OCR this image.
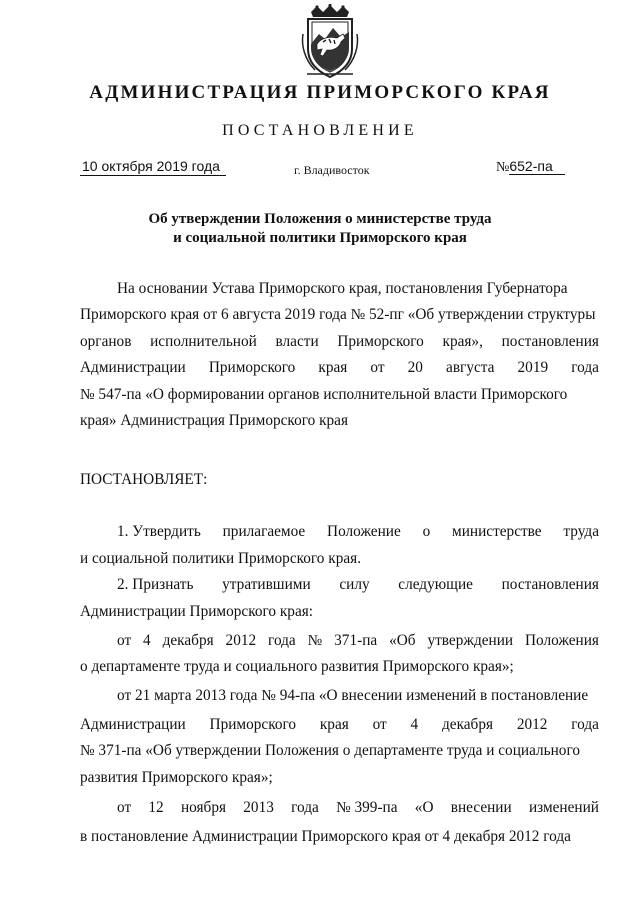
АДМИНИСТРАЦИЯ ПРИМОРСКОГО КРАЯ
ПОСТАНОВЛЕНИЕ
10 октября 2019 года	г. Владивосток	№652-па
Об утверждении Положения о министерстве труда
и социальной политики Приморского края
На основании Устава Приморского края, постановления Губернатора
Приморского края от 6 августа 2019 года № 52-пг «Об утверждении структуры
органов исполнительной власти Приморского края», постановления
Администрации Приморского края от 20 августа 2019 года
№ 547-па «О формировании органов исполнительной власти Приморского
края» Администрация Приморского края
ПОСТАНОВЛЯЕТ:
1. Утвердить прилагаемое Положение о министерстве труда
и социальной политики Приморского края.
2. Признать утратившими силу следующие постановления
Администрации Приморского края:
от 4 декабря 2012 года № 371-па «Об утверждении Положения
о департаменте труда и социального развития Приморского края»;
от 21 марта 2013 года № 94-па «О внесении изменений в постановление
Администрации Приморского края от 4 декабря 2012 года
№ 371-па «Об утверждении Положения о департаменте труда и социального
развития Приморского края»;
от 12 ноября 2013 года № 399-па «О внесении изменений
в постановление Администрации Приморского края от 4 декабря 2012 года
